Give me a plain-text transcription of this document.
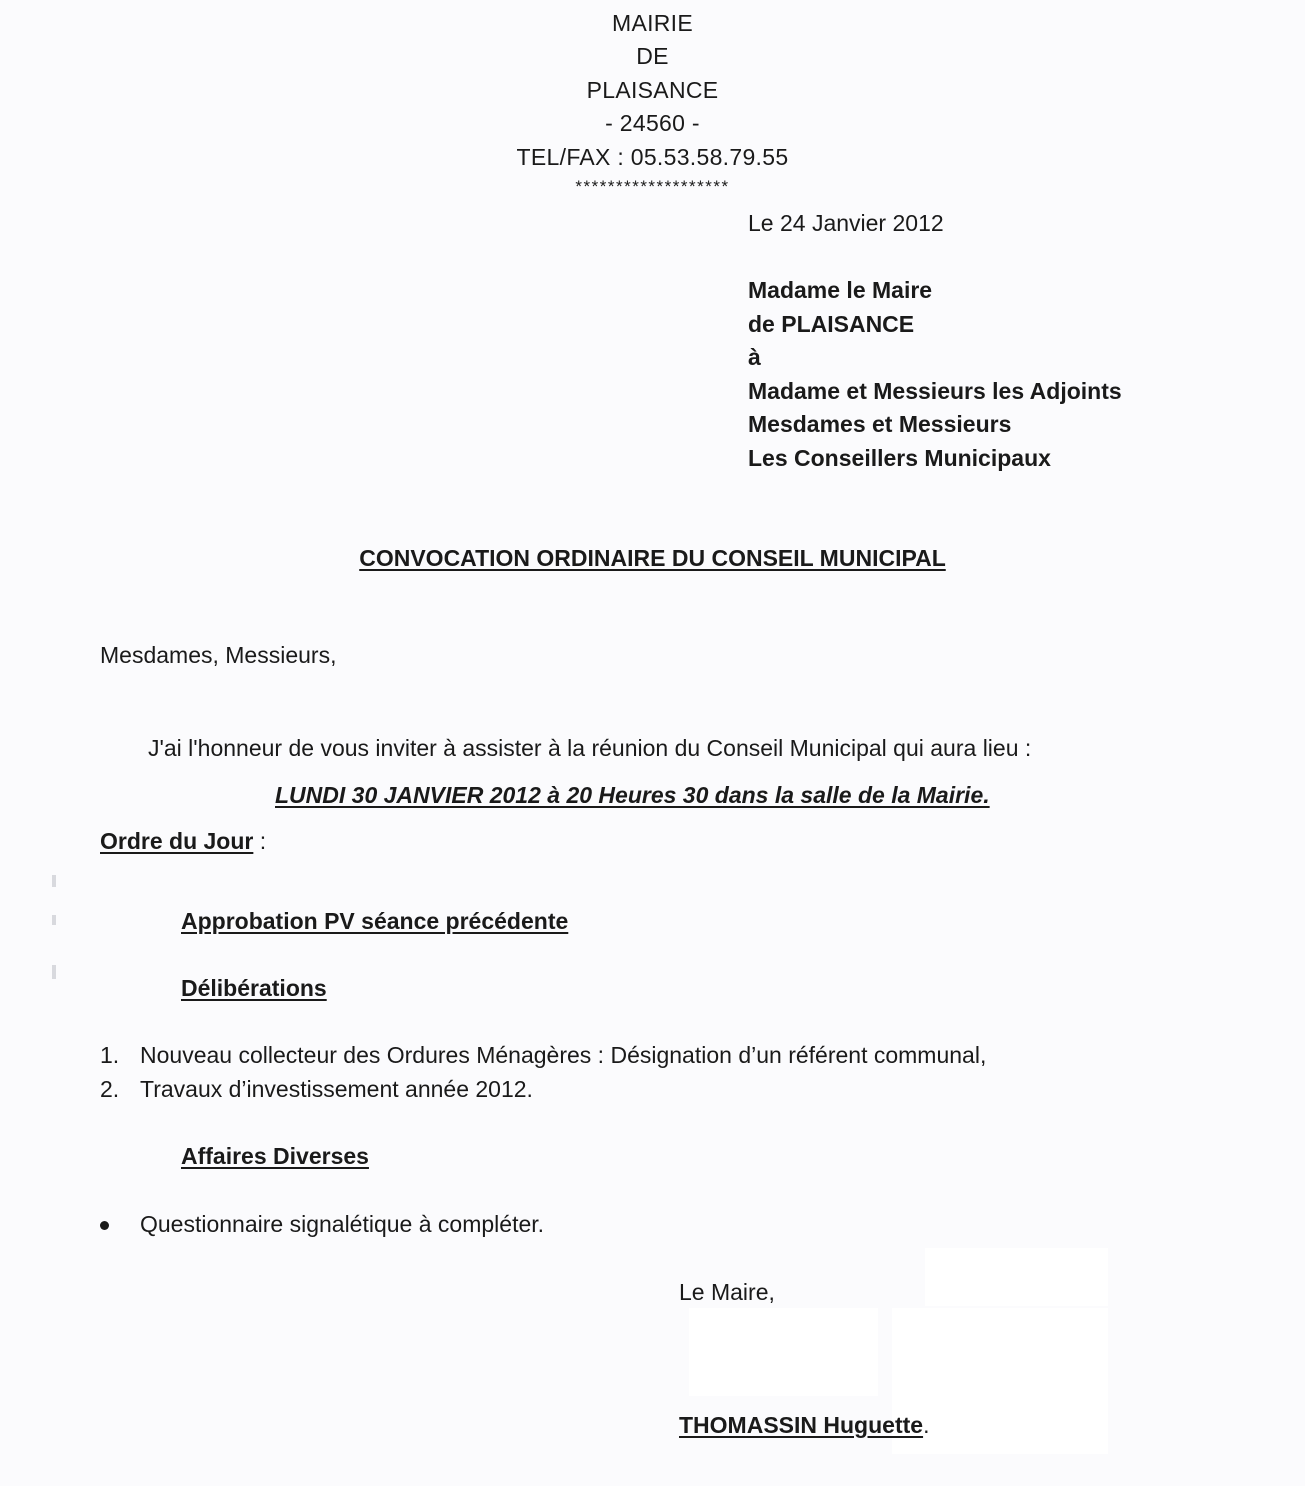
MAIRIE
DE
PLAISANCE
- 24560 -
TEL/FAX : 05.53.58.79.55
*******************
Le 24 Janvier 2012
Madame le Maire
de PLAISANCE
à
Madame et Messieurs les Adjoints
Mesdames et Messieurs
Les Conseillers Municipaux
CONVOCATION ORDINAIRE DU CONSEIL MUNICIPAL
Mesdames, Messieurs,
J'ai l'honneur de vous inviter à assister à la réunion du Conseil Municipal qui aura lieu :
LUNDI 30 JANVIER 2012 à 20 Heures 30 dans la salle de la Mairie.
Ordre du Jour :
Approbation PV séance précédente
Délibérations
1. Nouveau collecteur des Ordures Ménagères : Désignation d’un référent communal,
2. Travaux d’investissement année 2012.
Affaires Diverses
Questionnaire signalétique à compléter.
Le Maire,
THOMASSIN Huguette.
